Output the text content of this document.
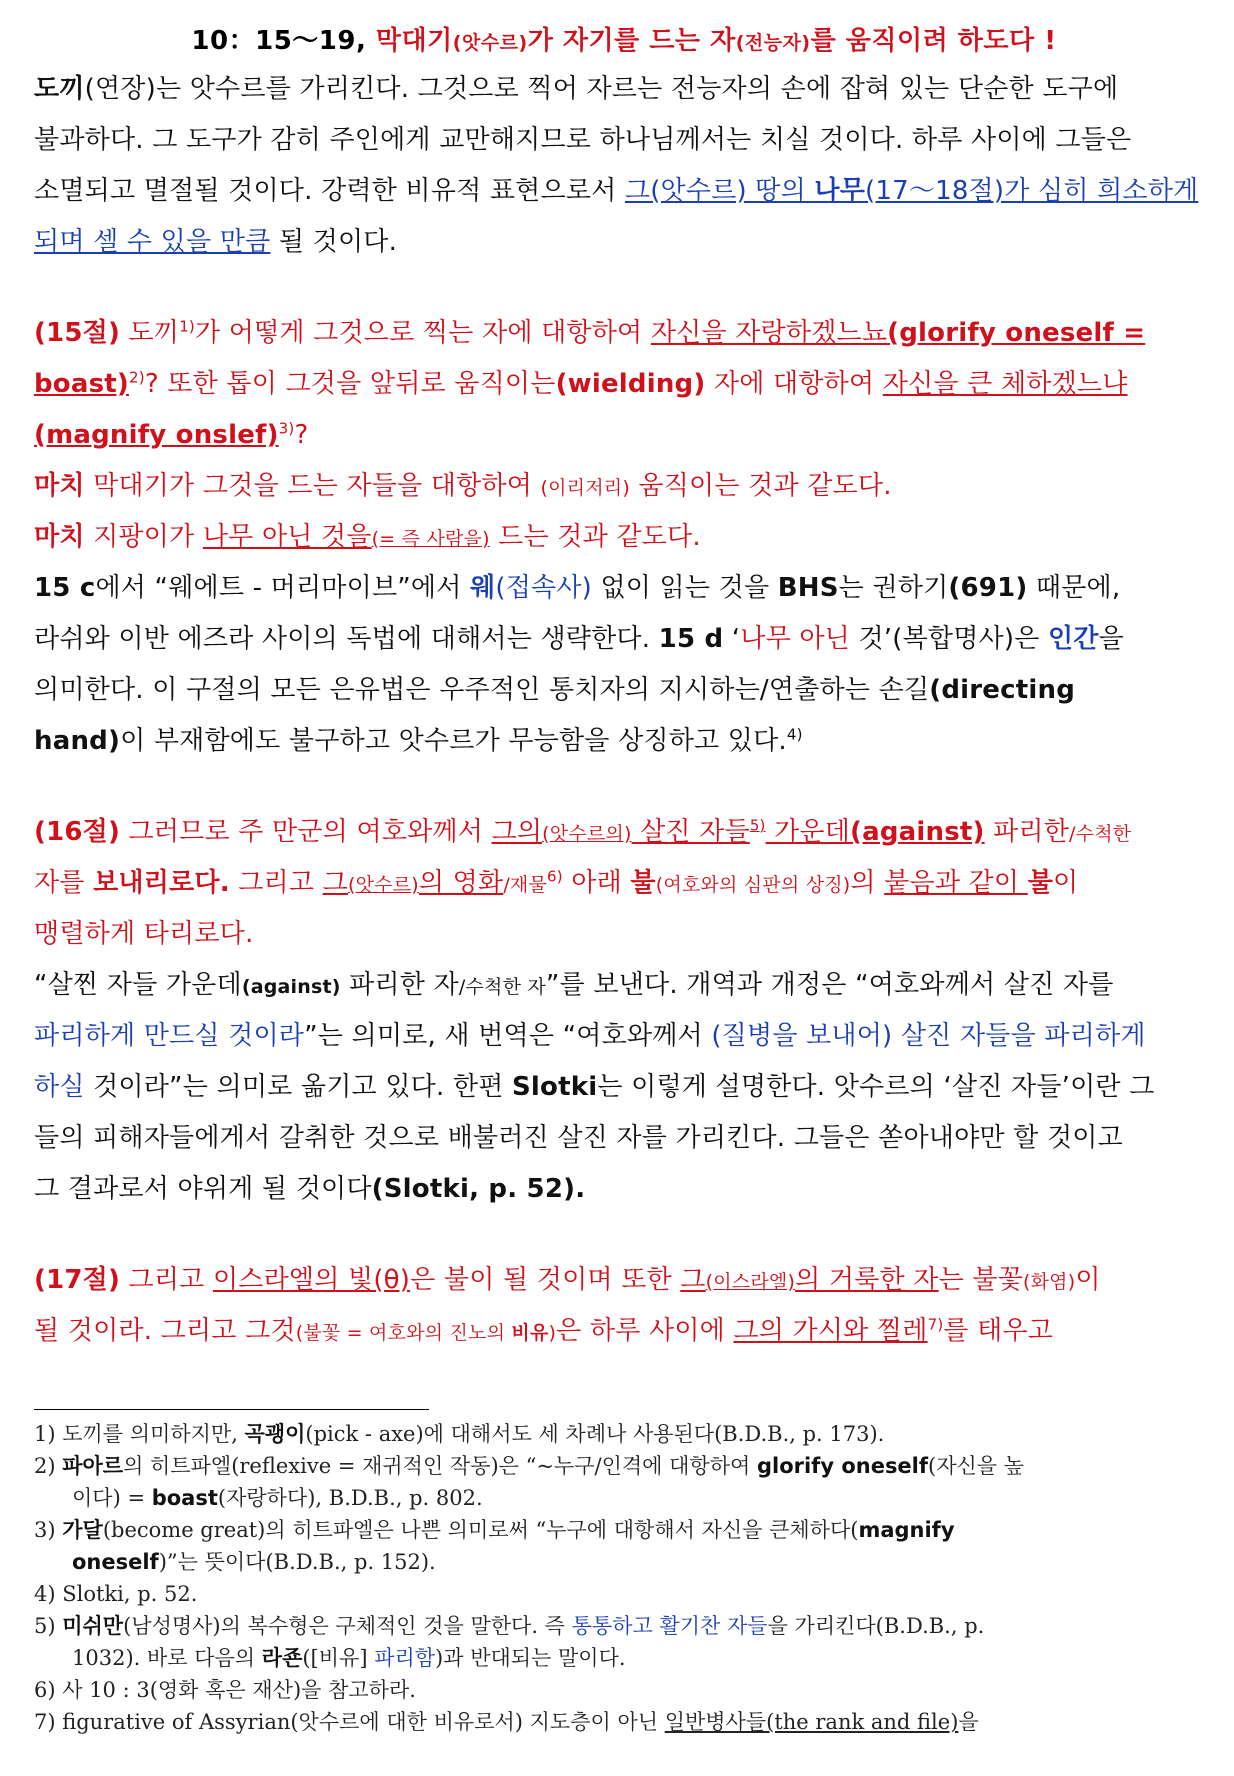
10：15～19, 막대기(앗수르)가 자기를 드는 자(전능자)를 움직이려 하도다 !
도끼(연장)는 앗수르를 가리킨다. 그것으로 찍어 자르는 전능자의 손에 잡혀 있는 단순한 도구에
불과하다. 그 도구가 감히 주인에게 교만해지므로 하나님께서는 치실 것이다. 하루 사이에 그들은
소멸되고 멸절될 것이다. 강력한 비유적 표현으로서 그(앗수르) 땅의 나무(17～18절)가 심히 희소하게
되며 셀 수 있을 만큼 될 것이다.
(15절) 도끼$^{1)}$가 어떻게 그것으로 찍는 자에 대항하여 자신을 자랑하겠느뇨(glorify oneself =
boast)$^{2)}$? 또한 톱이 그것을 앞뒤로 움직이는(wielding) 자에 대항하여 자신을 큰 체하겠느냐
(magnify onslef)$^{3)}$?
마치 막대기가 그것을 드는 자들을 대항하여 (이리저리) 움직이는 것과 같도다.
마치 지팡이가 나무 아닌 것을(= 즉 사람을) 드는 것과 같도다.
15 c에서 “웨에트 - 머리마이브”에서 웨(접속사) 없이 읽는 것을 BHS는 권하기(691) 때문에,
라쉬와 이반 에즈라 사이의 독법에 대해서는 생략한다. 15 d ‘나무 아닌 것’(복합명사)은 인간을
의미한다. 이 구절의 모든 은유법은 우주적인 통치자의 지시하는/연출하는 손길(directing
hand)이 부재함에도 불구하고 앗수르가 무능함을 상징하고 있다.$^{4)}$
(16절) 그러므로 주 만군의 여호와께서 그의(앗수르의) 살진 자들$^{5)}$ 가운데(against) 파리한/수척한
자를 보내리로다. 그리고 그(앗수르)의 영화/재물$^{6)}$ 아래 불(여호와의 심판의 상징)의 붙음과 같이 불이
맹렬하게 타리로다.
“살찐 자들 가운데(against) 파리한 자/수척한 자”를 보낸다. 개역과 개정은 “여호와께서 살진 자를
파리하게 만드실 것이라”는 의미로, 새 번역은 “여호와께서 (질병을 보내어) 살진 자들을 파리하게
하실 것이라”는 의미로 옮기고 있다. 한편 Slotki는 이렇게 설명한다. 앗수르의 ‘살진 자들’이란 그
들의 피해자들에게서 갈취한 것으로 배불러진 살진 자를 가리킨다. 그들은 쏟아내야만 할 것이고
그 결과로서 야위게 될 것이다(Slotki, p. 52).
(17절) 그리고 이스라엘의 빛(θ)은 불이 될 것이며 또한 그(이스라엘)의 거룩한 자는 불꽃(화염)이
될 것이라. 그리고 그것(불꽃 = 여호와의 진노의 비유)은 하루 사이에 그의 가시와 찔레$^{7)}$를 태우고
1) 도끼를 의미하지만, 곡괭이(pick - axe)에 대해서도 세 차례나 사용된다(B.D.B., p. 173).
2) 파아르의 히트파엘(reflexive = 재귀적인 작동)은 “~누구/인격에 대항하여 glorify oneself(자신을 높
이다) = boast(자랑하다), B.D.B., p. 802.
3) 가달(become great)의 히트파엘은 나쁜 의미로써 “누구에 대항해서 자신을 큰체하다(magnify
oneself)”는 뜻이다(B.D.B., p. 152).
4) Slotki, p. 52.
5) 미쉬만(남성명사)의 복수형은 구체적인 것을 말한다. 즉 통통하고 활기찬 자들을 가리킨다(B.D.B., p.
1032). 바로 다음의 라죤([비유] 파리함)과 반대되는 말이다.
6) 사 10 : 3(영화 혹은 재산)을 참고하라.
7) figurative of Assyrian(앗수르에 대한 비유로서) 지도층이 아닌 일반병사들(the rank and file)을
